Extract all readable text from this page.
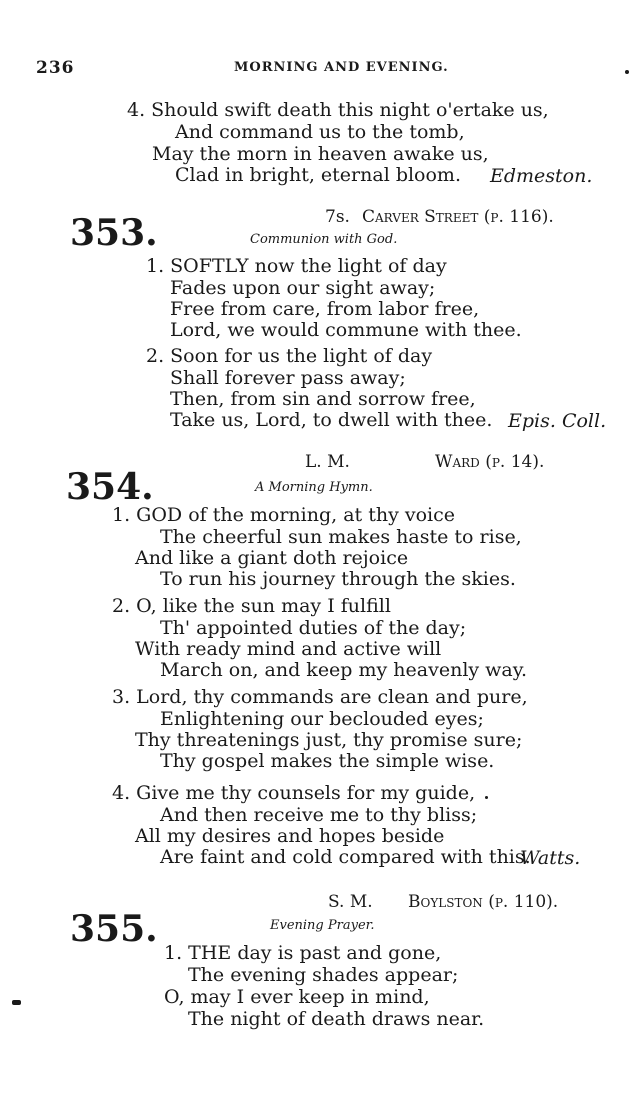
236	MORNING AND EVENING.
4. Should swift death this night o'ertake us,
And command us to the tomb,
May the morn in heaven awake us,
Clad in bright, eternal bloom. Edmeston.
353.	7s. Carver Street (p. 116).
Communion with God.
1. SOFTLY now the light of day
Fades upon our sight away;
Free from care, from labor free,
Lord, we would commune with thee.
2. Soon for us the light of day
Shall forever pass away;
Then, from sin and sorrow free,
Take us, Lord, to dwell with thee. Epis. Coll.
354.
L. M.	Ward (p. 14).
A Morning Hymn.
1. GOD of the morning, at thy voice
The cheerful sun makes haste to rise,
And like a giant doth rejoice
To run his journey through the skies.
2. O, like the sun may I fulfill
Th' appointed duties of the day;
With ready mind and active will
March on, and keep my heavenly way.
3. Lord, thy commands are clean and pure,
Enlightening our beclouded eyes;
Thy threatenings just, thy promise sure;
Thy gospel makes the simple wise.
4. Give me thy counsels for my guide,
And then receive me to thy bliss;
All my desires and hopes beside
Are faint and cold compared with this.
Watts.
S. M. Boylston (p. 110).
355.	Evening Prayer.
1. THE day is past and gone,
The evening shades appear;
O, may I ever keep in mind,
The night of death draws near.
